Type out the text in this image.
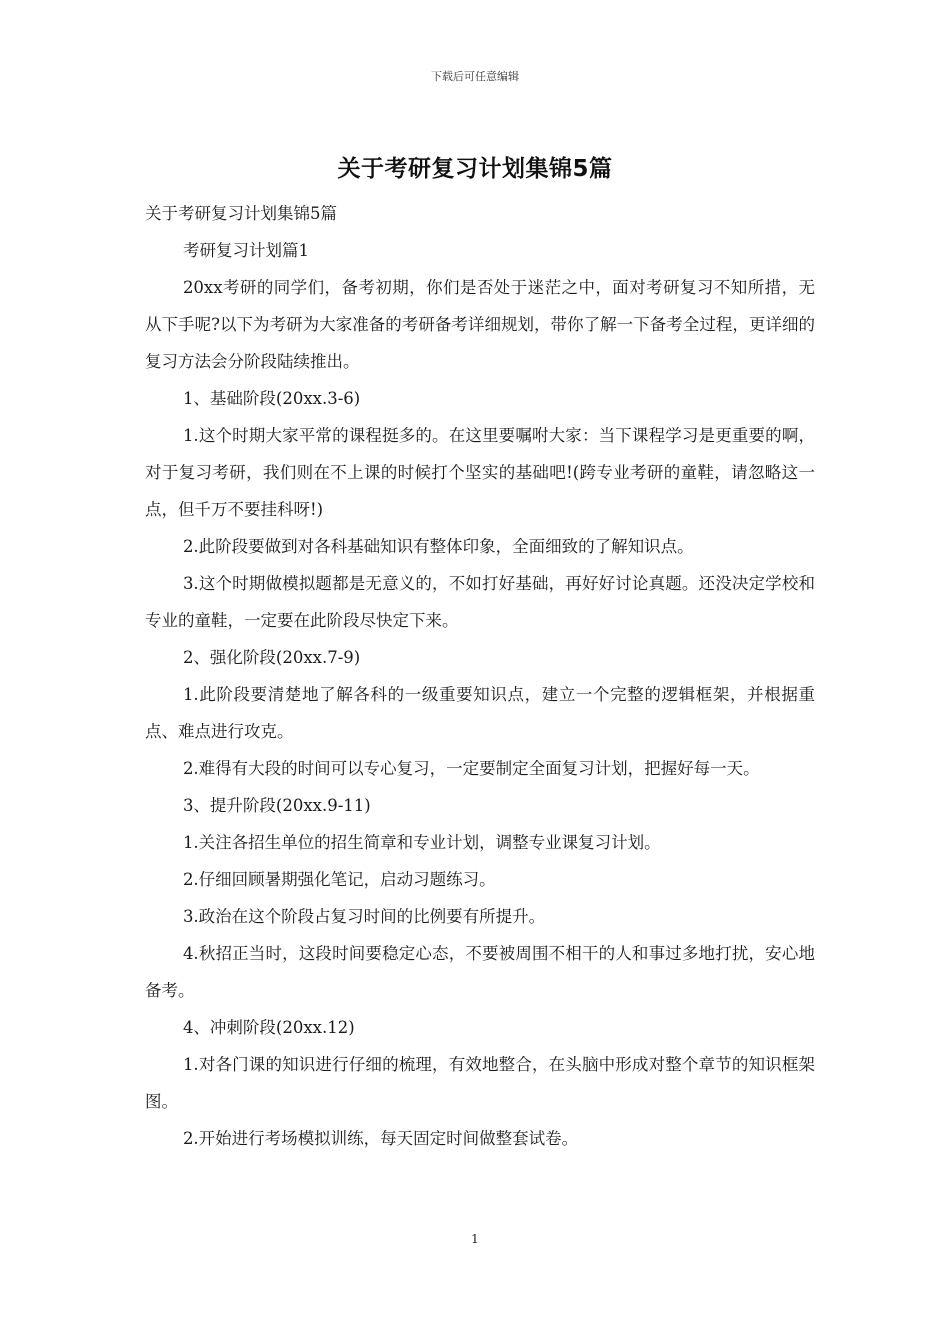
下载后可任意编辑
关于考研复习计划集锦5篇

关于考研复习计划集锦5篇

考研复习计划篇1

20xx考研的同学们，备考初期，你们是否处于迷茫之中，面对考研复习不知所措，无从下手呢?以下为考研为大家准备的考研备考详细规划，带你了解一下备考全过程，更详细的复习方法会分阶段陆续推出。

1、基础阶段(20xx.3-6)

1.这个时期大家平常的课程挺多的。在这里要嘱咐大家：当下课程学习是更重要的啊，对于复习考研，我们则在不上课的时候打个坚实的基础吧!(跨专业考研的童鞋，请忽略这一点，但千万不要挂科呀!)

2.此阶段要做到对各科基础知识有整体印象，全面细致的了解知识点。

3.这个时期做模拟题都是无意义的，不如打好基础，再好好讨论真题。还没决定学校和专业的童鞋，一定要在此阶段尽快定下来。

2、强化阶段(20xx.7-9)

1.此阶段要清楚地了解各科的一级重要知识点，建立一个完整的逻辑框架，并根据重点、难点进行攻克。

2.难得有大段的时间可以专心复习，一定要制定全面复习计划，把握好每一天。

3、提升阶段(20xx.9-11)

1.关注各招生单位的招生简章和专业计划，调整专业课复习计划。

2.仔细回顾暑期强化笔记，启动习题练习。

3.政治在这个阶段占复习时间的比例要有所提升。

4.秋招正当时，这段时间要稳定心态，不要被周围不相干的人和事过多地打扰，安心地备考。

4、冲刺阶段(20xx.12)

1.对各门课的知识进行仔细的梳理，有效地整合，在头脑中形成对整个章节的知识框架图。

2.开始进行考场模拟训练，每天固定时间做整套试卷。

1
